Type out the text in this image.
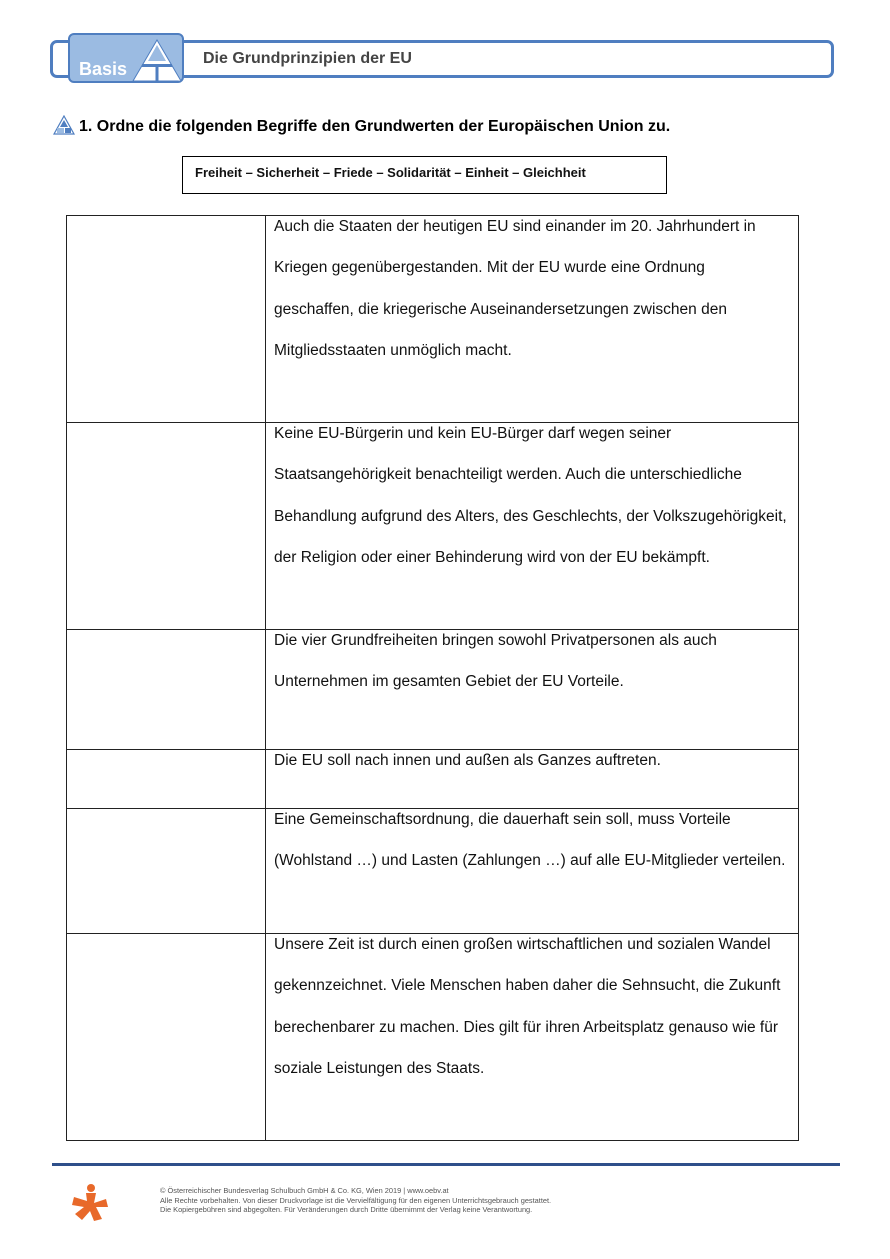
Basis
Die Grundprinzipien der EU
1. Ordne die folgenden Begriffe den Grundwerten der Europäischen Union zu.
Freiheit – Sicherheit – Friede – Solidarität – Einheit – Gleichheit

	Auch die Staaten der heutigen EU sind einander im 20. Jahrhundert in Kriegen gegenübergestanden. Mit der EU wurde eine Ordnung geschaffen, die kriegerische Auseinandersetzungen zwischen den Mitgliedsstaaten unmöglich macht.

	Keine EU-Bürgerin und kein EU-Bürger darf wegen seiner Staatsangehörigkeit benachteiligt werden. Auch die unterschiedliche Behandlung aufgrund des Alters, des Geschlechts, der Volkszugehörigkeit, der Religion oder einer Behinderung wird von der EU bekämpft.

	Die vier Grundfreiheiten bringen sowohl Privatpersonen als auch Unternehmen im gesamten Gebiet der EU Vorteile.

	Die EU soll nach innen und außen als Ganzes auftreten.

	Eine Gemeinschaftsordnung, die dauerhaft sein soll, muss Vorteile (Wohlstand …) und Lasten (Zahlungen …) auf alle EU-Mitglieder verteilen.

	Unsere Zeit ist durch einen großen wirtschaftlichen und sozialen Wandel gekennzeichnet. Viele Menschen haben daher die Sehnsucht, die Zukunft berechenbarer zu machen. Dies gilt für ihren Arbeitsplatz genauso wie für soziale Leistungen des Staats.

© Österreichischer Bundesverlag Schulbuch GmbH & Co. KG, Wien 2019 | www.oebv.at
Alle Rechte vorbehalten. Von dieser Druckvorlage ist die Vervielfältigung für den eigenen Unterrichtsgebrauch gestattet.
Die Kopiergebühren sind abgegolten. Für Veränderungen durch Dritte übernimmt der Verlag keine Verantwortung.
